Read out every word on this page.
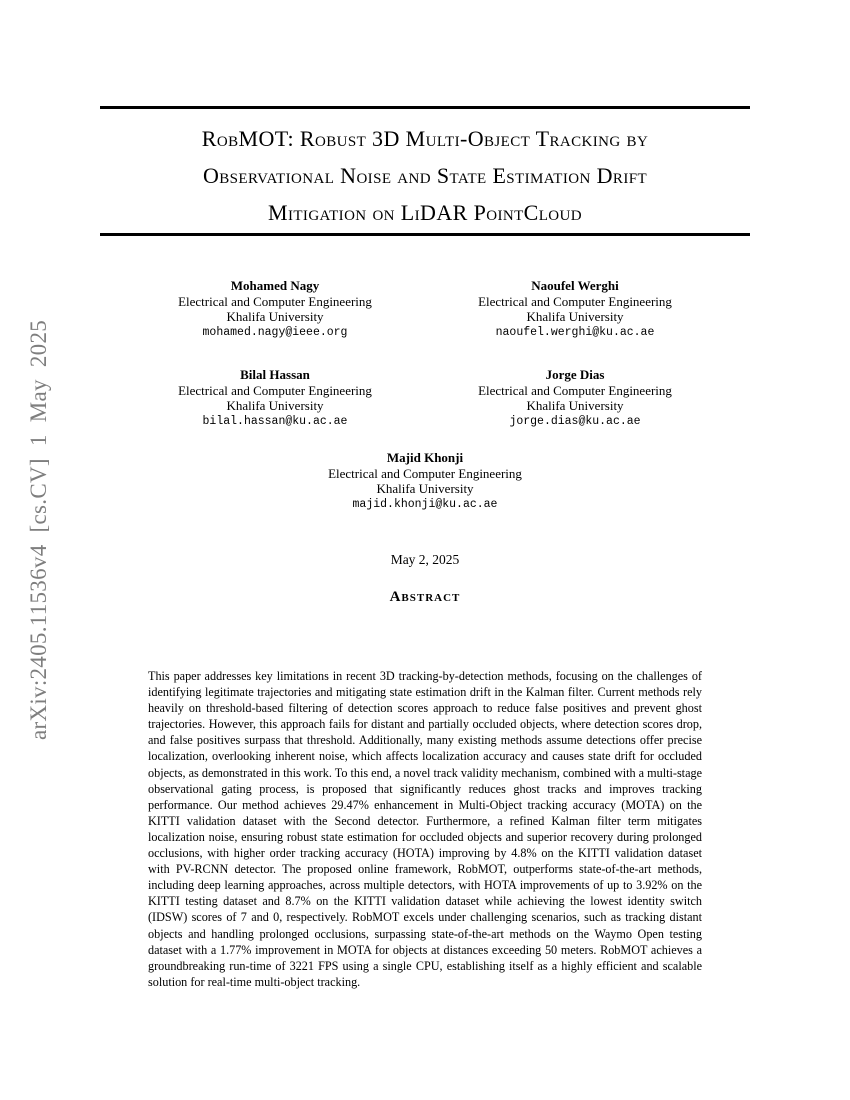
arXiv:2405.11536v4 [cs.CV] 1 May 2025
RobMOT: Robust 3D Multi-Object Tracking by
Observational Noise and State Estimation Drift
Mitigation on LiDAR PointCloud
Mohamed Nagy
Electrical and Computer Engineering
Khalifa University
mohamed.nagy@ieee.org
Naoufel Werghi
Electrical and Computer Engineering
Khalifa University
naoufel.werghi@ku.ac.ae
Bilal Hassan
Electrical and Computer Engineering
Khalifa University
bilal.hassan@ku.ac.ae
Jorge Dias
Electrical and Computer Engineering
Khalifa University
jorge.dias@ku.ac.ae
Majid Khonji
Electrical and Computer Engineering
Khalifa University
majid.khonji@ku.ac.ae
May 2, 2025
Abstract
This paper addresses key limitations in recent 3D tracking-by-detection methods, focusing on the challenges of identifying legitimate trajectories and mitigating state estimation drift in the Kalman filter. Current methods rely heavily on threshold-based filtering of detection scores approach to reduce false positives and prevent ghost trajectories. However, this approach fails for distant and partially occluded objects, where detection scores drop, and false positives surpass that threshold. Additionally, many existing methods assume detections offer precise localization, overlooking inherent noise, which affects localization accuracy and causes state drift for occluded objects, as demonstrated in this work. To this end, a novel track validity mechanism, combined with a multi-stage observational gating process, is proposed that significantly reduces ghost tracks and improves tracking performance. Our method achieves 29.47% enhancement in Multi-Object tracking accuracy (MOTA) on the KITTI validation dataset with the Second detector. Furthermore, a refined Kalman filter term mitigates localization noise, ensuring robust state estimation for occluded objects and superior recovery during prolonged occlusions, with higher order tracking accuracy (HOTA) improving by 4.8% on the KITTI validation dataset with PV-RCNN detector. The proposed online framework, RobMOT, outperforms state-of-the-art methods, including deep learning approaches, across multiple detectors, with HOTA improvements of up to 3.92% on the KITTI testing dataset and 8.7% on the KITTI validation dataset while achieving the lowest identity switch (IDSW) scores of 7 and 0, respectively. RobMOT excels under challenging scenarios, such as tracking distant objects and handling prolonged occlusions, surpassing state-of-the-art methods on the Waymo Open testing dataset with a 1.77% improvement in MOTA for objects at distances exceeding 50 meters. RobMOT achieves a groundbreaking run-time of 3221 FPS using a single CPU, establishing itself as a highly efficient and scalable solution for real-time multi-object tracking.
